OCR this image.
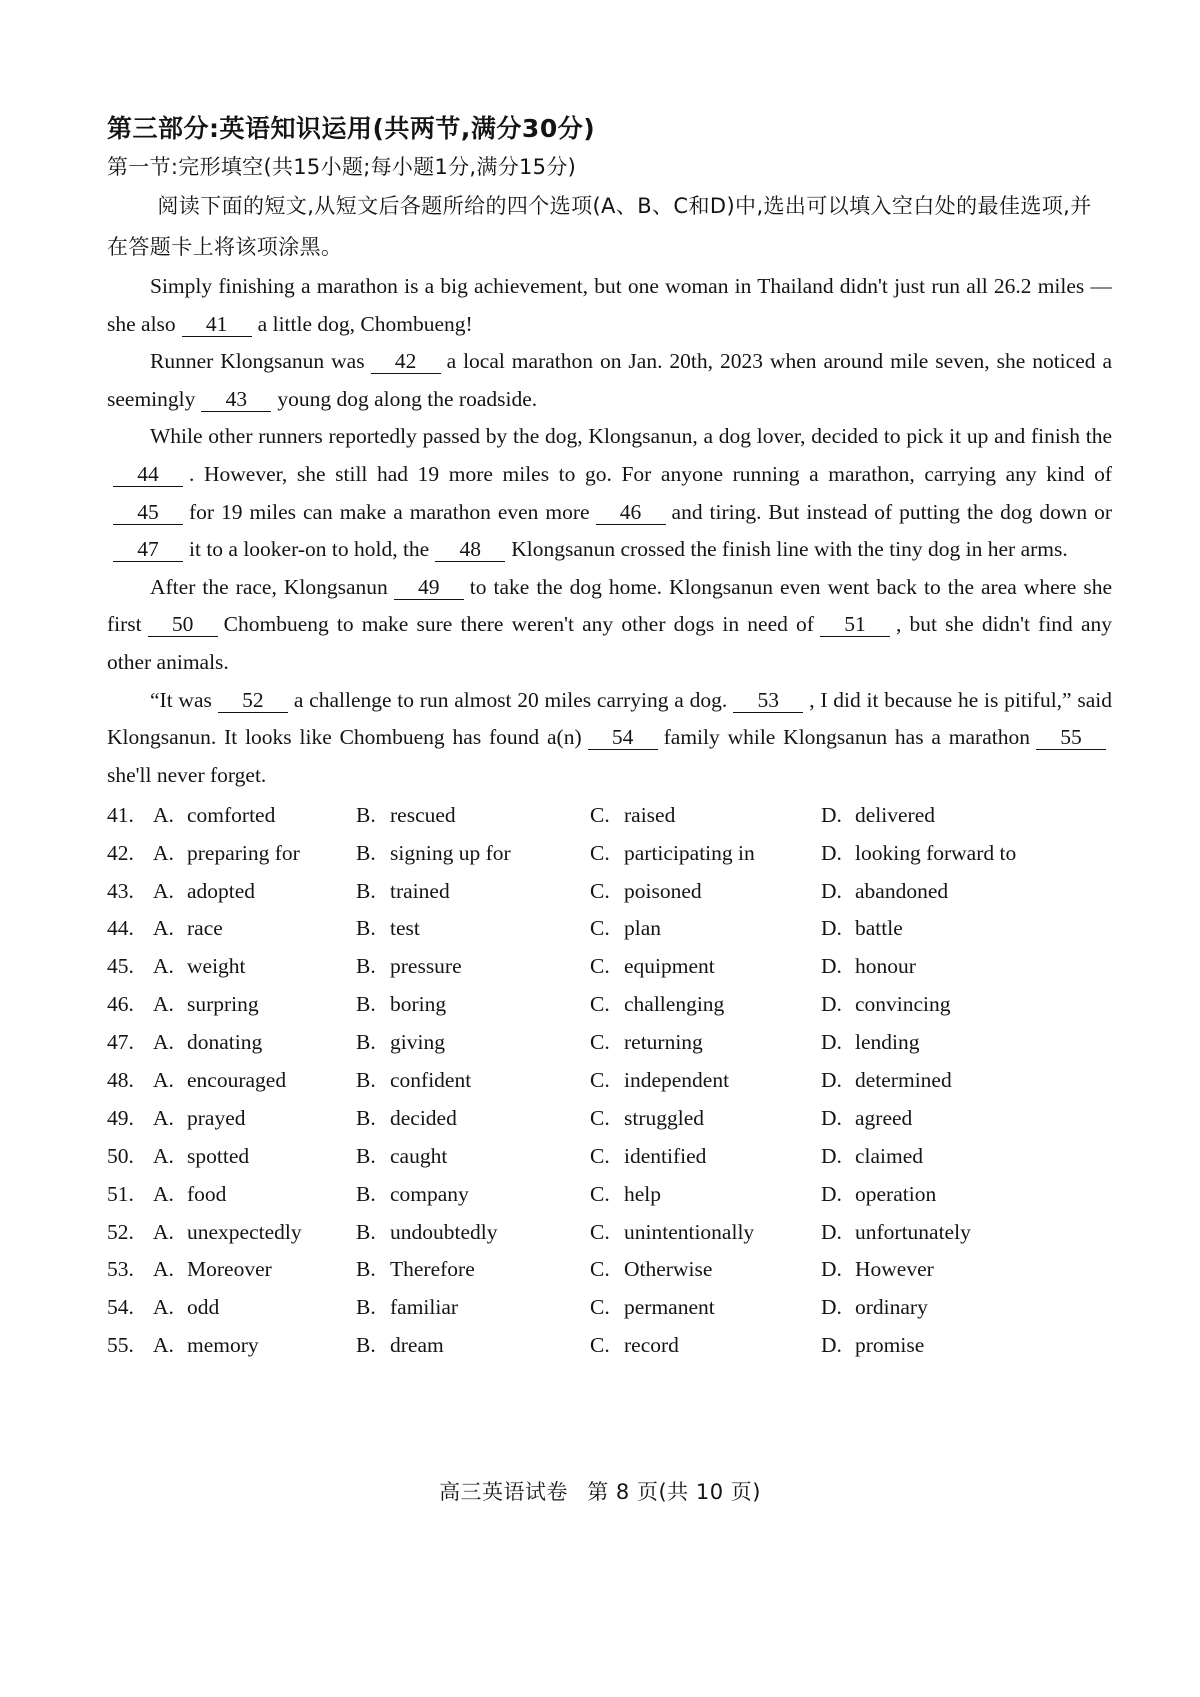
第三部分:英语知识运用(共两节,满分30分)
第一节:完形填空(共15小题;每小题1分,满分15分)

阅读下面的短文,从短文后各题所给的四个选项(A、B、C和D)中,选出可以填入空白处的最佳选项,并在答题卡上将该项涂黑。

Simply finishing a marathon is a big achievement, but one woman in Thailand didn't just run all 26.2 miles — she also 41 a little dog, Chombueng!

Runner Klongsanun was 42 a local marathon on Jan. 20th, 2023 when around mile seven, she noticed a seemingly 43 young dog along the roadside.

While other runners reportedly passed by the dog, Klongsanun, a dog lover, decided to pick it up and finish the44 . However, she still had 19 more miles to go. For anyone running a marathon, carrying any kind of45 for 19 miles can make a marathon even more 46 and tiring. But instead of putting the dog down or47 it to a looker-on to hold, the 48 Klongsanun crossed the finish line with the tiny dog in her arms.

After the race, Klongsanun 49 to take the dog home. Klongsanun even went back to the area where she first 50 Chombueng to make sure there weren't any other dogs in need of 51 , but she didn't find any other animals.

“It was 52 a challenge to run almost 20 miles carrying a dog. 53 , I did it because he is pitiful,” said Klongsanun. It looks like Chombueng has found a(n) 54 family while Klongsanun has a marathon 55she'll never forget.

41. A. comforted	B. rescued	C. raised	D. delivered
42. A. preparing for	B. signing up for	C. participating in	D. looking forward to
43. A. adopted	B. trained	C. poisoned	D. abandoned
44. A. race	B. test	C. plan	D. battle
45. A. weight	B. pressure	C. equipment	D. honour
46. A. surpring	B. boring	C. challenging	D. convincing
47. A. donating	B. giving	C. returning	D. lending
48. A. encouraged	B. confident	C. independent	D. determined
49. A. prayed	B. decided	C. struggled	D. agreed
50. A. spotted	B. caught	C. identified	D. claimed
51. A. food	B. company	C. help	D. operation
52. A. unexpectedly	B. undoubtedly	C. unintentionally	D. unfortunately
53. A. Moreover	B. Therefore	C. Otherwise	D. However
54. A. odd	B. familiar	C. permanent	D. ordinary
55. A. memory	B. dream	C. record	D. promise
高三英语试卷 第 8 页(共 10 页)
